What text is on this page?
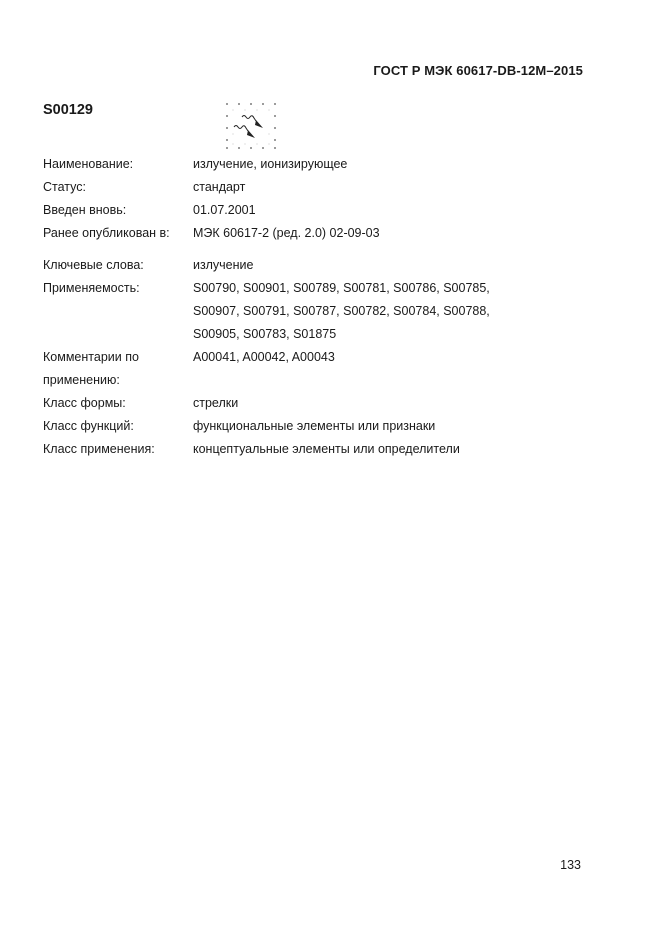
ГОСТ Р МЭК 60617-DB-12M–2015
S00129
Наименование:	излучение, ионизирующее
Статус:	стандарт
Введен вновь:	01.07.2001
Ранее опубликован в:	МЭК 60617-2 (ред. 2.0) 02-09-03
Ключевые слова:	излучение
Применяемость:	S00790, S00901, S00789, S00781, S00786, S00785,
S00907, S00791, S00787, S00782, S00784, S00788,
S00905, S00783, S01875
Комментарии по
применению:
A00041, A00042, A00043
Класс формы:	стрелки
Класс функций:	функциональные элементы или признаки
Класс применения:	концептуальные элементы или определители
133
